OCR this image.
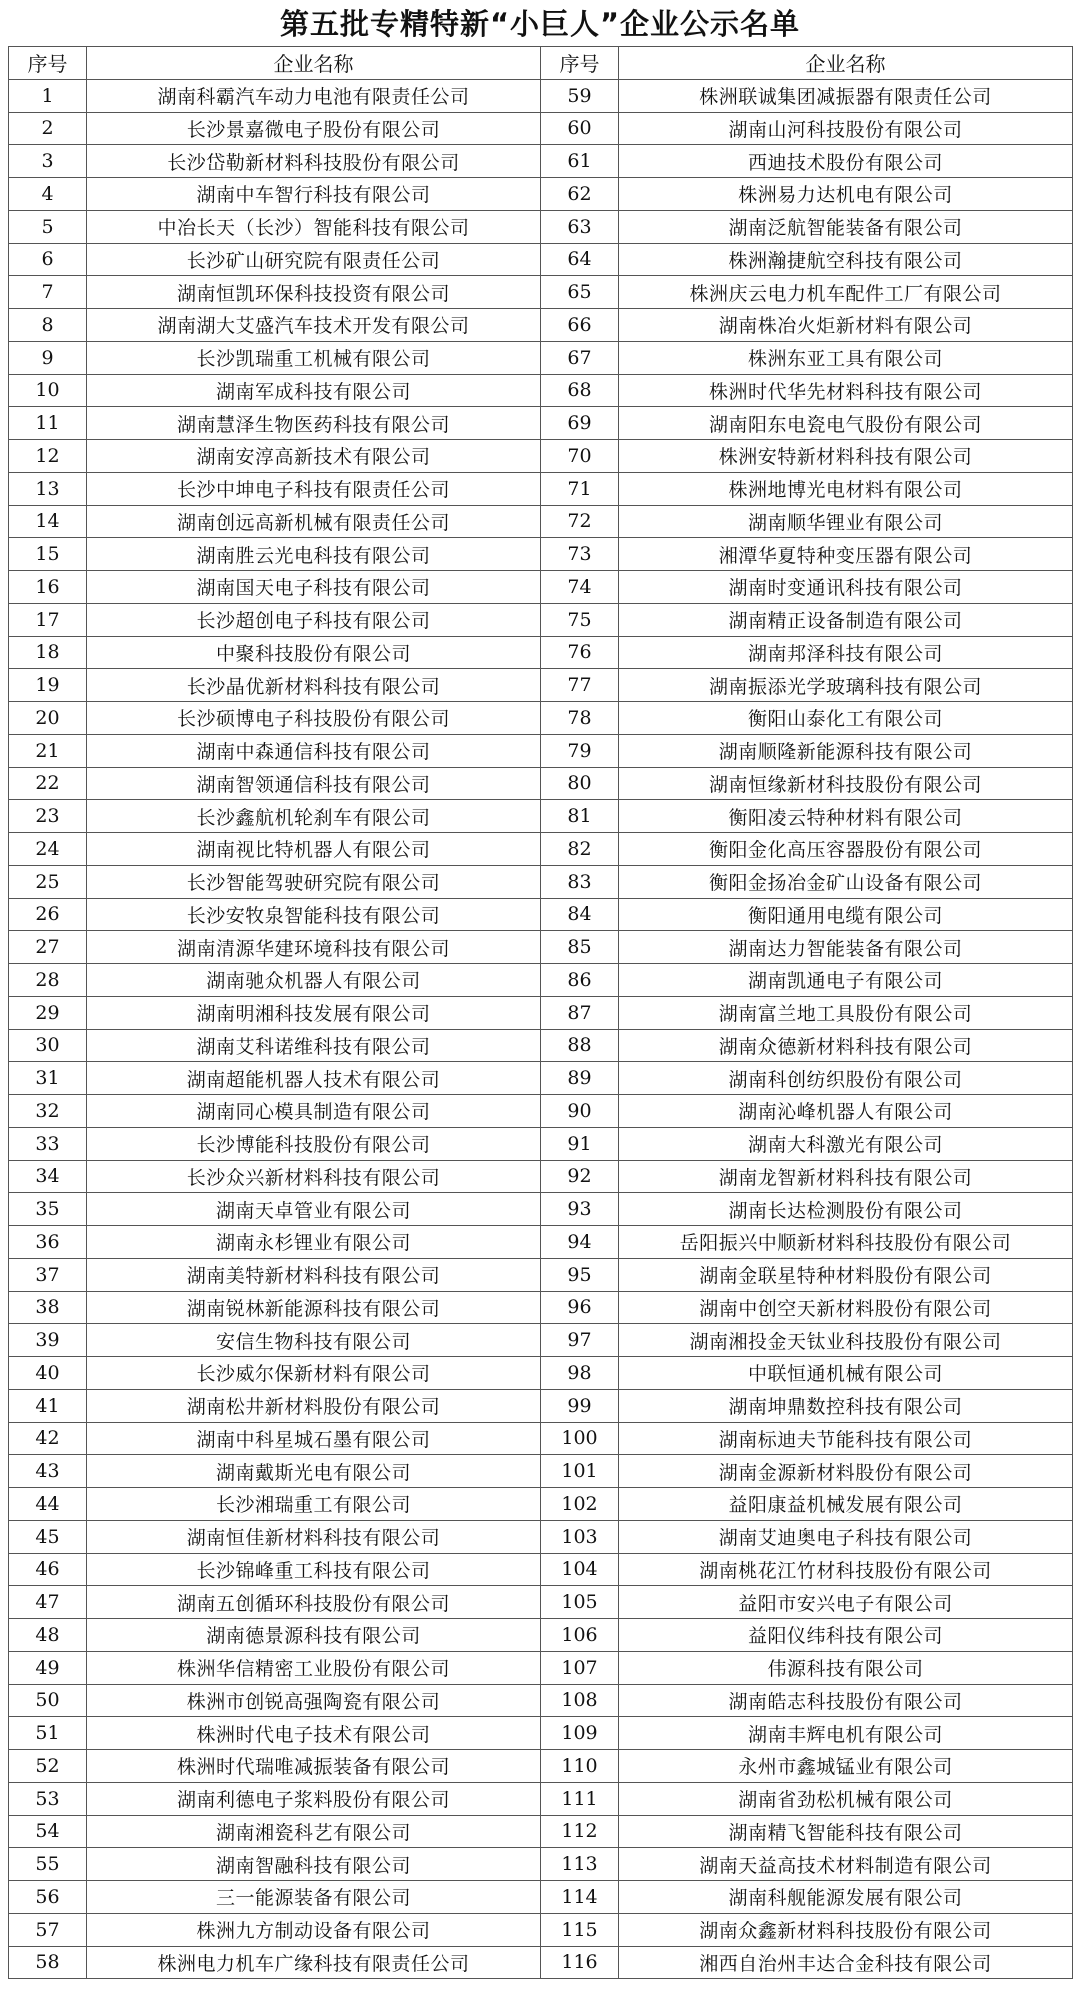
第五批专精特新“小巨人”企业公示名单
序号	企业名称	序号	企业名称
1	湖南科霸汽车动力电池有限责任公司	59	株洲联诚集团减振器有限责任公司
2	长沙景嘉微电子股份有限公司	60	湖南山河科技股份有限公司
3	长沙岱勒新材料科技股份有限公司	61	西迪技术股份有限公司
4	湖南中车智行科技有限公司	62	株洲易力达机电有限公司
5	中冶长天（长沙）智能科技有限公司	63	湖南泛航智能装备有限公司
6	长沙矿山研究院有限责任公司	64	株洲瀚捷航空科技有限公司
7	湖南恒凯环保科技投资有限公司	65	株洲庆云电力机车配件工厂有限公司
8	湖南湖大艾盛汽车技术开发有限公司	66	湖南株冶火炬新材料有限公司
9	长沙凯瑞重工机械有限公司	67	株洲东亚工具有限公司
10	湖南军成科技有限公司	68	株洲时代华先材料科技有限公司
11	湖南慧泽生物医药科技有限公司	69	湖南阳东电瓷电气股份有限公司
12	湖南安淳高新技术有限公司	70	株洲安特新材料科技有限公司
13	长沙中坤电子科技有限责任公司	71	株洲地博光电材料有限公司
14	湖南创远高新机械有限责任公司	72	湖南顺华锂业有限公司
15	湖南胜云光电科技有限公司	73	湘潭华夏特种变压器有限公司
16	湖南国天电子科技有限公司	74	湖南时变通讯科技有限公司
17	长沙超创电子科技有限公司	75	湖南精正设备制造有限公司
18	中聚科技股份有限公司	76	湖南邦泽科技有限公司
19	长沙晶优新材料科技有限公司	77	湖南振添光学玻璃科技有限公司
20	长沙硕博电子科技股份有限公司	78	衡阳山泰化工有限公司
21	湖南中森通信科技有限公司	79	湖南顺隆新能源科技有限公司
22	湖南智领通信科技有限公司	80	湖南恒缘新材科技股份有限公司
23	长沙鑫航机轮刹车有限公司	81	衡阳凌云特种材料有限公司
24	湖南视比特机器人有限公司	82	衡阳金化高压容器股份有限公司
25	长沙智能驾驶研究院有限公司	83	衡阳金扬冶金矿山设备有限公司
26	长沙安牧泉智能科技有限公司	84	衡阳通用电缆有限公司
27	湖南清源华建环境科技有限公司	85	湖南达力智能装备有限公司
28	湖南驰众机器人有限公司	86	湖南凯通电子有限公司
29	湖南明湘科技发展有限公司	87	湖南富兰地工具股份有限公司
30	湖南艾科诺维科技有限公司	88	湖南众德新材料科技有限公司
31	湖南超能机器人技术有限公司	89	湖南科创纺织股份有限公司
32	湖南同心模具制造有限公司	90	湖南沁峰机器人有限公司
33	长沙博能科技股份有限公司	91	湖南大科激光有限公司
34	长沙众兴新材料科技有限公司	92	湖南龙智新材料科技有限公司
35	湖南天卓管业有限公司	93	湖南长达检测股份有限公司
36	湖南永杉锂业有限公司	94	岳阳振兴中顺新材料科技股份有限公司
37	湖南美特新材料科技有限公司	95	湖南金联星特种材料股份有限公司
38	湖南锐林新能源科技有限公司	96	湖南中创空天新材料股份有限公司
39	安信生物科技有限公司	97	湖南湘投金天钛业科技股份有限公司
40	长沙威尔保新材料有限公司	98	中联恒通机械有限公司
41	湖南松井新材料股份有限公司	99	湖南坤鼎数控科技有限公司
42	湖南中科星城石墨有限公司	100	湖南标迪夫节能科技有限公司
43	湖南戴斯光电有限公司	101	湖南金源新材料股份有限公司
44	长沙湘瑞重工有限公司	102	益阳康益机械发展有限公司
45	湖南恒佳新材料科技有限公司	103	湖南艾迪奥电子科技有限公司
46	长沙锦峰重工科技有限公司	104	湖南桃花江竹材科技股份有限公司
47	湖南五创循环科技股份有限公司	105	益阳市安兴电子有限公司
48	湖南德景源科技有限公司	106	益阳仪纬科技有限公司
49	株洲华信精密工业股份有限公司	107	伟源科技有限公司
50	株洲市创锐高强陶瓷有限公司	108	湖南皓志科技股份有限公司
51	株洲时代电子技术有限公司	109	湖南丰辉电机有限公司
52	株洲时代瑞唯减振装备有限公司	110	永州市鑫城锰业有限公司
53	湖南利德电子浆料股份有限公司	111	湖南省劲松机械有限公司
54	湖南湘瓷科艺有限公司	112	湖南精飞智能科技有限公司
55	湖南智融科技有限公司	113	湖南天益高技术材料制造有限公司
56	三一能源装备有限公司	114	湖南科舰能源发展有限公司
57	株洲九方制动设备有限公司	115	湖南众鑫新材料科技股份有限公司
58	株洲电力机车广缘科技有限责任公司	116	湘西自治州丰达合金科技有限公司
